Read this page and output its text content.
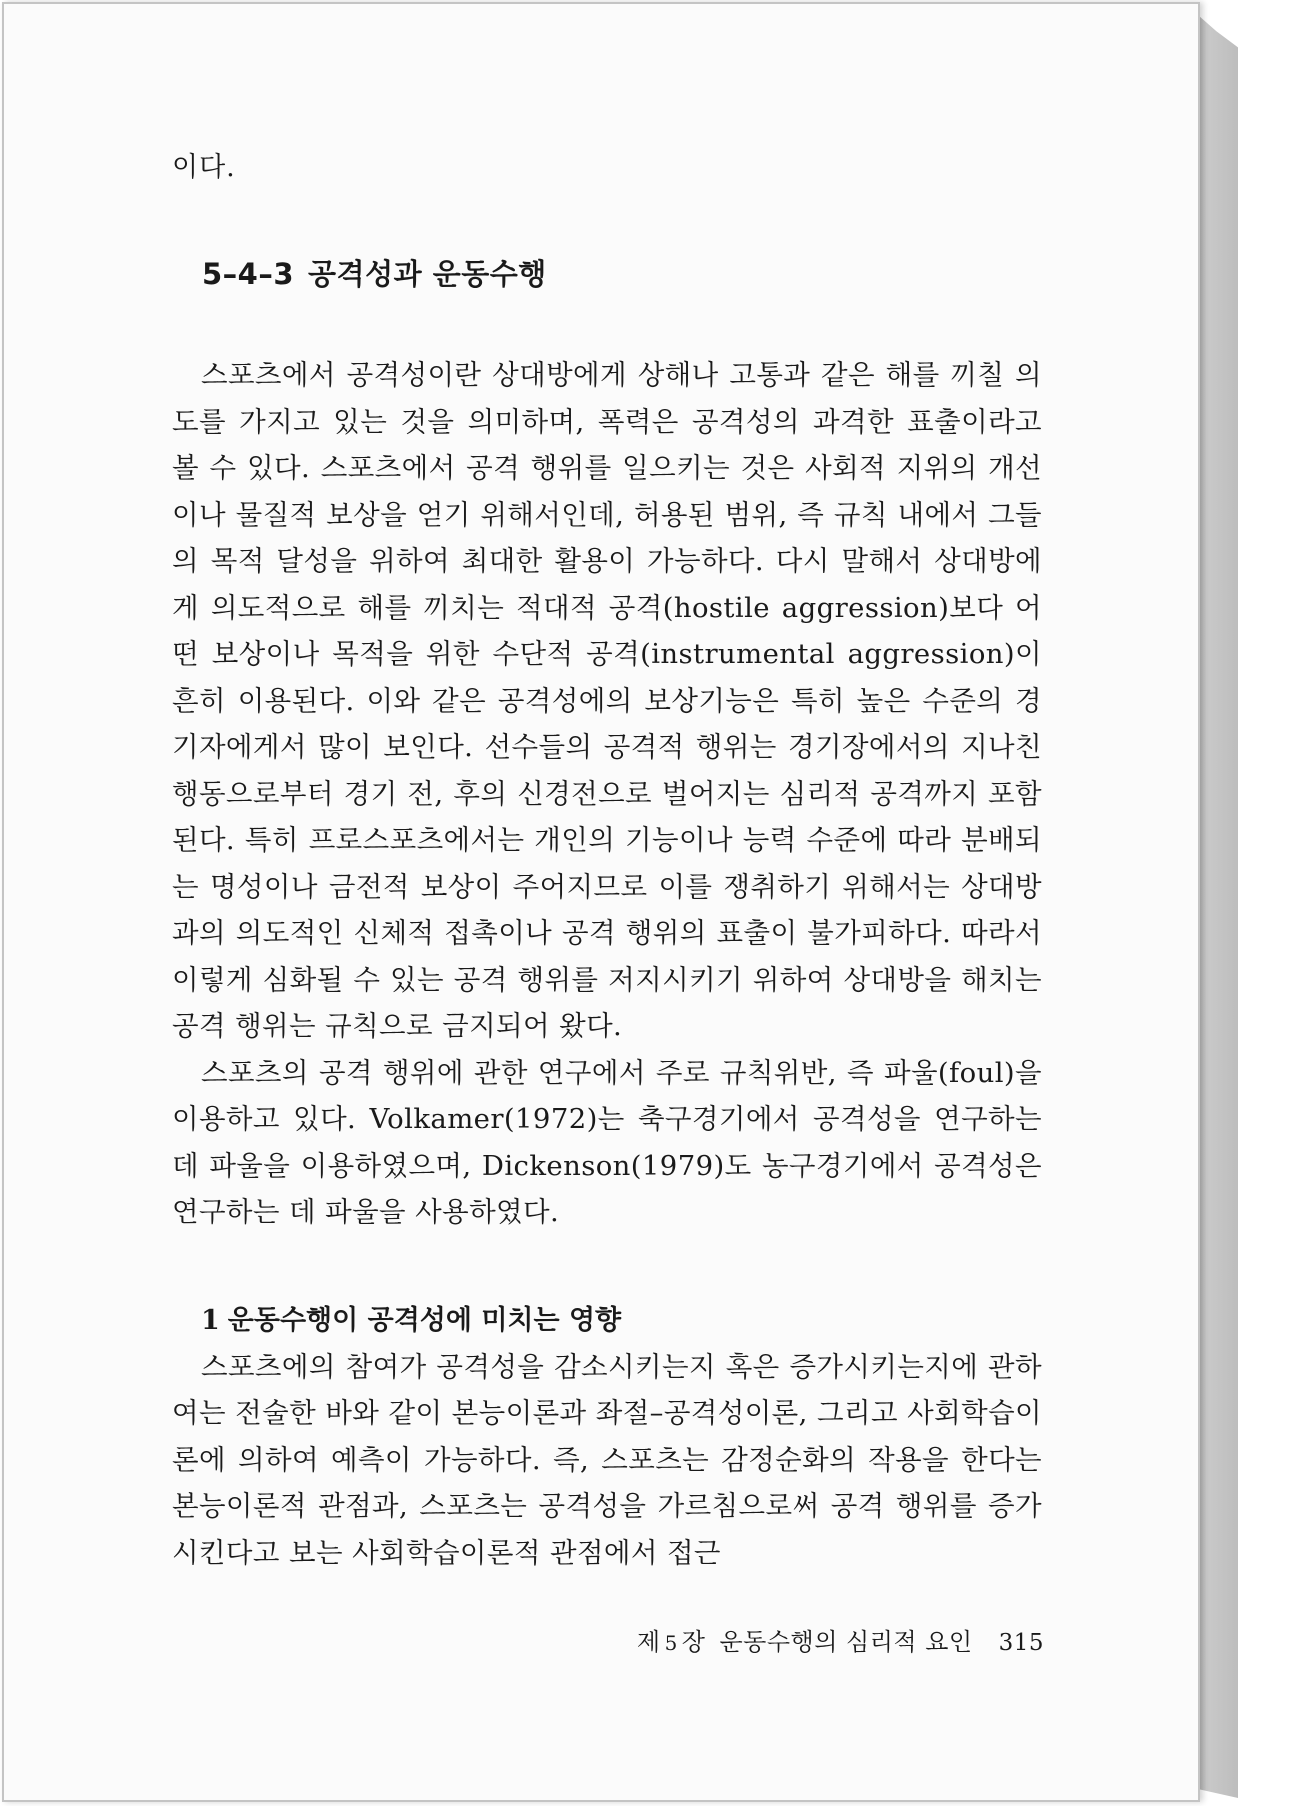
이다.

5–4–3 공격성과 운동수행

스포츠에서 공격성이란 상대방에게 상해나 고통과 같은 해를 끼칠 의도를 가지고 있는 것을 의미하며, 폭력은 공격성의 과격한 표출이라고 볼 수 있다. 스포츠에서 공격 행위를 일으키는 것은 사회적 지위의 개선이나 물질적 보상을 얻기 위해서인데, 허용된 범위, 즉 규칙 내에서 그들의 목적 달성을 위하여 최대한 활용이 가능하다. 다시 말해서 상대방에게 의도적으로 해를 끼치는 적대적 공격(hostile aggression)보다 어떤 보상이나 목적을 위한 수단적 공격(instrumental aggression)이 흔히 이용된다. 이와 같은 공격성에의 보상기능은 특히 높은 수준의 경기자에게서 많이 보인다. 선수들의 공격적 행위는 경기장에서의 지나친 행동으로부터 경기 전, 후의 신경전으로 벌어지는 심리적 공격까지 포함된다. 특히 프로스포츠에서는 개인의 기능이나 능력 수준에 따라 분배되는 명성이나 금전적 보상이 주어지므로 이를 쟁취하기 위해서는 상대방과의 의도적인 신체적 접촉이나 공격 행위의 표출이 불가피하다. 따라서 이렇게 심화될 수 있는 공격 행위를 저지시키기 위하여 상대방을 해치는 공격 행위는 규칙으로 금지되어 왔다.

스포츠의 공격 행위에 관한 연구에서 주로 규칙위반, 즉 파울(foul)을 이용하고 있다. Volkamer(1972)는 축구경기에서 공격성을 연구하는 데 파울을 이용하였으며, Dickenson(1979)도 농구경기에서 공격성은 연구하는 데 파울을 사용하였다.

1 운동수행이 공격성에 미치는 영향

스포츠에의 참여가 공격성을 감소시키는지 혹은 증가시키는지에 관하여는 전술한 바와 같이 본능이론과 좌절–공격성이론, 그리고 사회학습이론에 의하여 예측이 가능하다. 즉, 스포츠는 감정순화의 작용을 한다는 본능이론적 관점과, 스포츠는 공격성을 가르침으로써 공격 행위를 증가시킨다고 보는 사회학습이론적 관점에서 접근

제 5 장 운동수행의 심리적 요인 315
